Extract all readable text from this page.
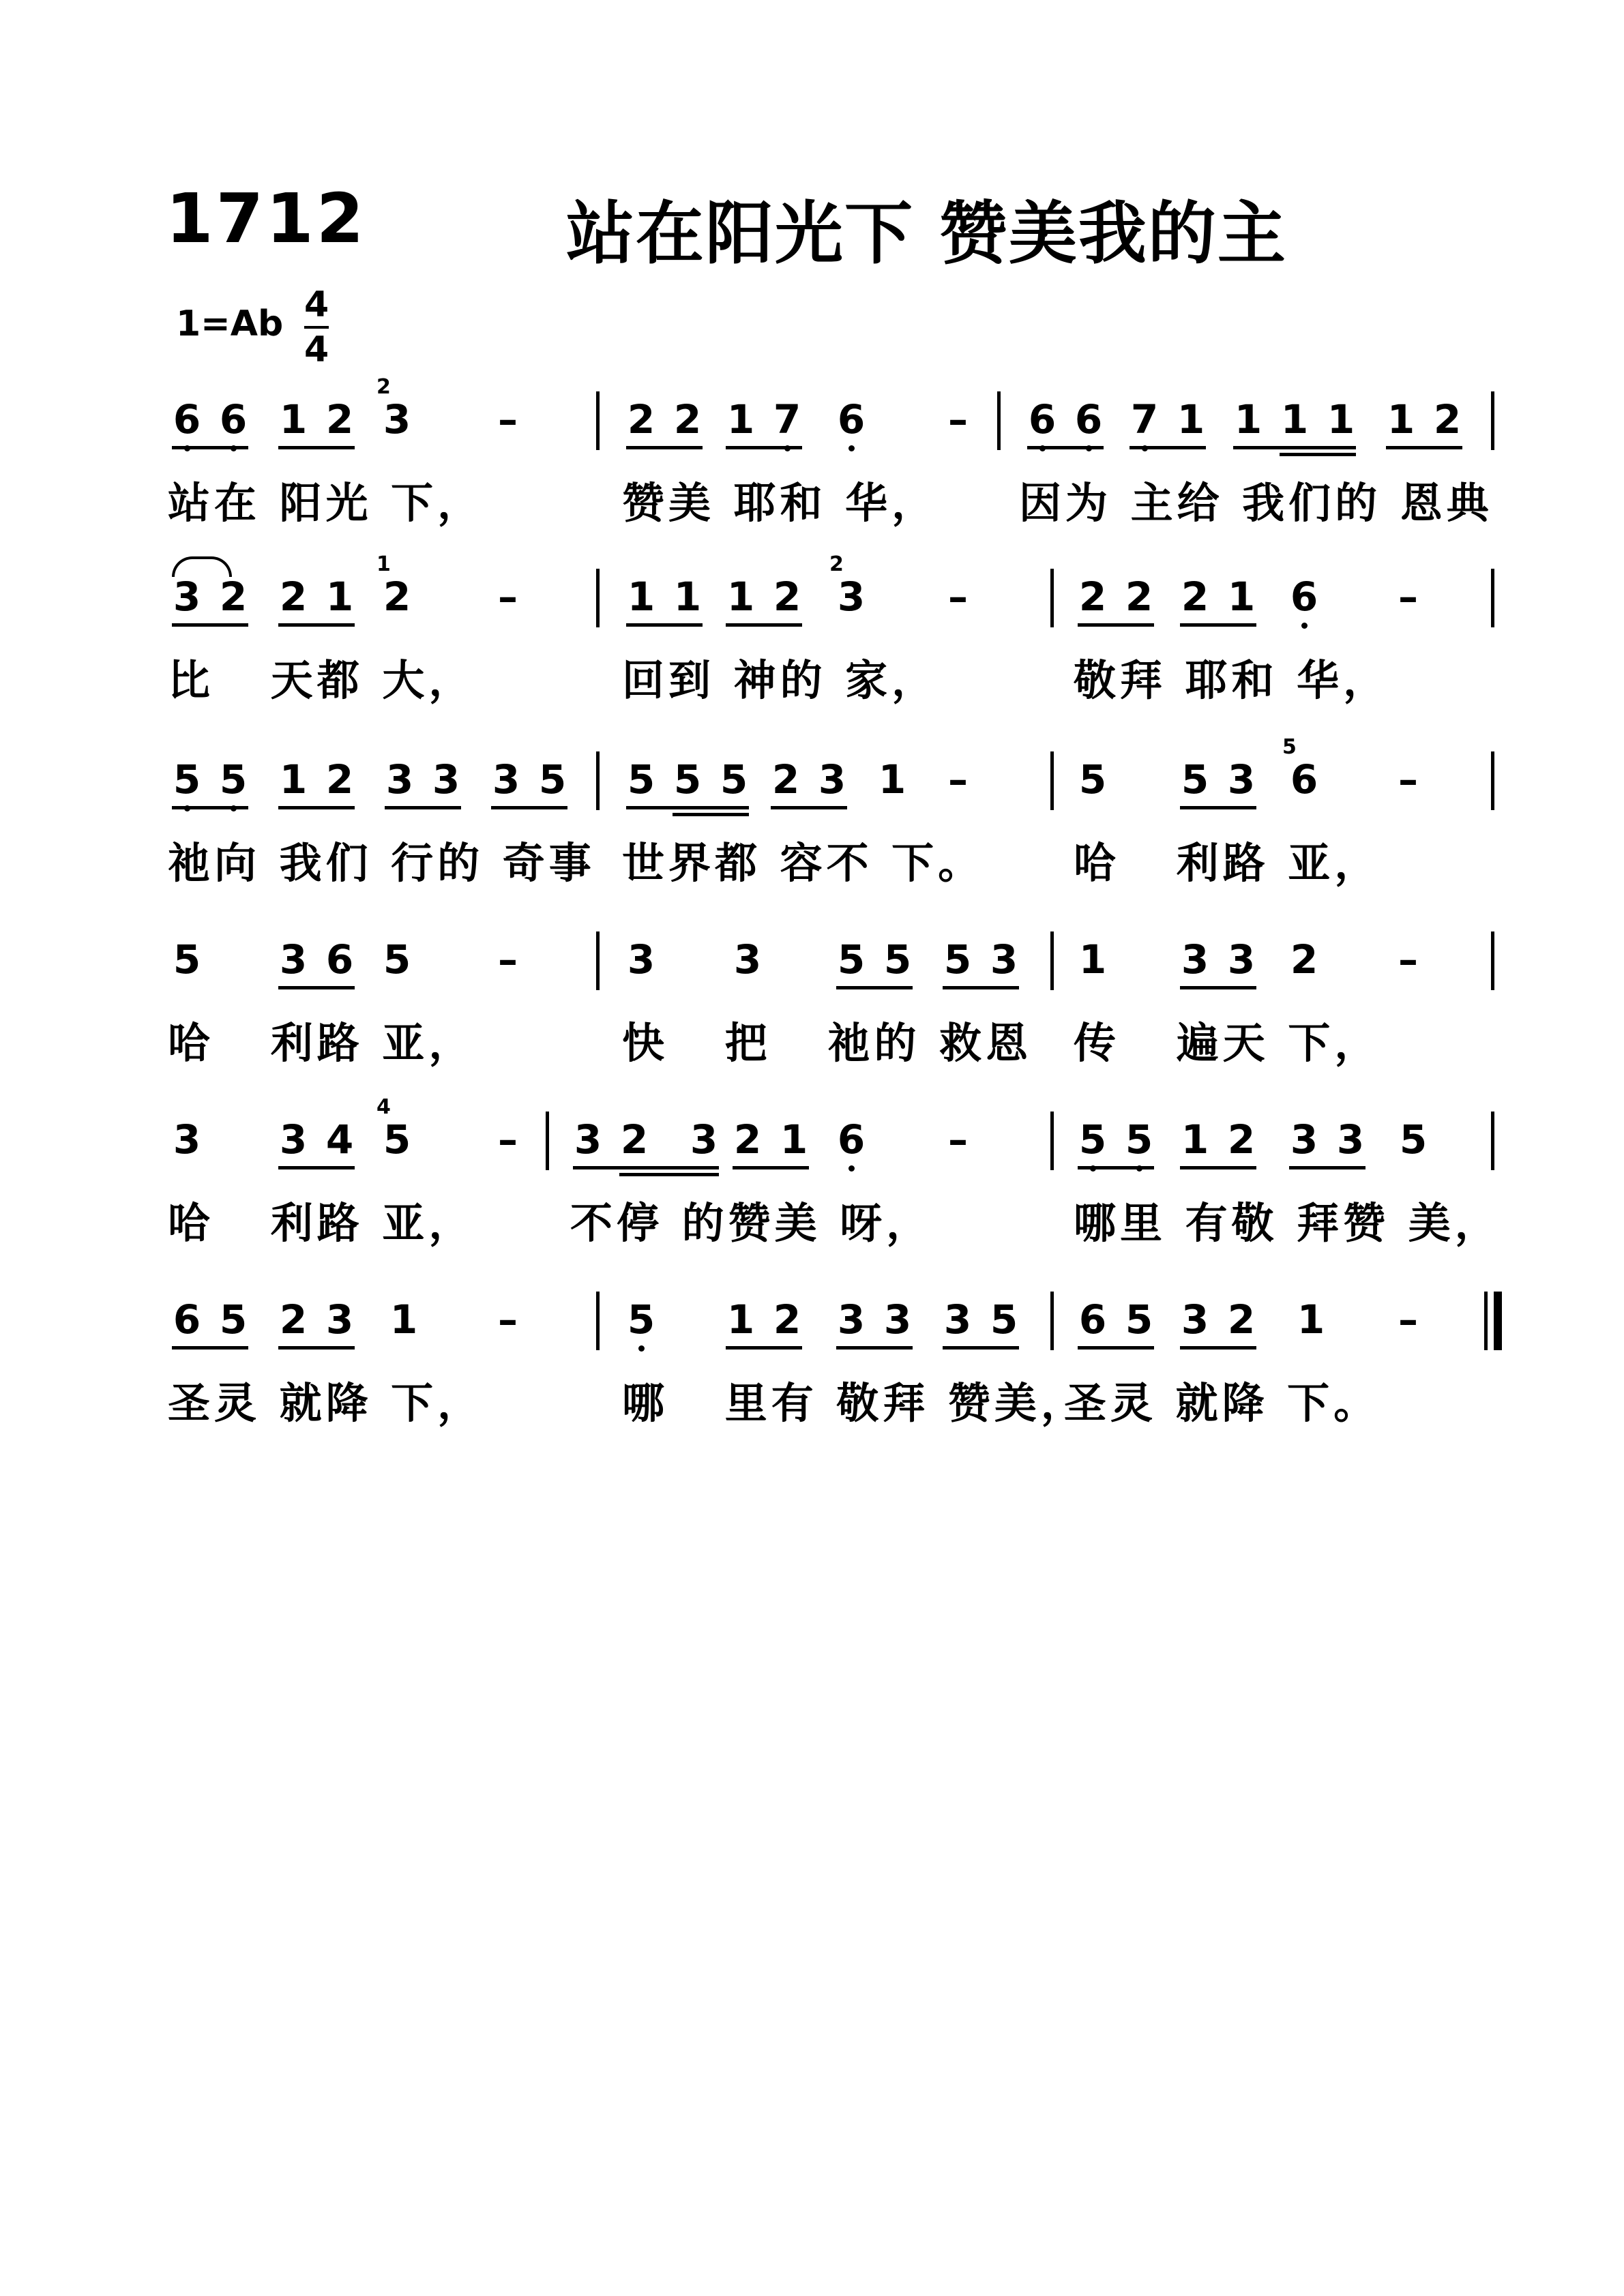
1712	站在阳光下 赞美我的主
1=Ab 4
4
6 6 1 2
2
3 –	2 2 1 7 6 – 6 6 7 1 1 1 1 1 2
站在 阳光 下，	赞美 耶和 华， 因为 主给 我们的 恩典
3 2 2 1
1
2 –	1 1 1 2
2
3 –	2 2 2 1 6 –
比   天都 大，	回到 神的 家，	敬拜 耶和 华，
5 5 1 2 3 3 3 5 5 5 5 2 3 1 –	5 5 3
5
6 –
祂向 我们 行的 奇事 世界都 容不 下。 哈   利路 亚，
5 3 6 5 –	3 3 5 5 5 3 1 3 3 2 –
哈   利路 亚，	快   把   祂的 救恩 传   遍天 下，
3 3 4
4
5 – 3 2 3 2 1 6 –	5 5 1 2 3 3 5
哈   利路 亚， 不停 的赞美 呀，	哪里 有敬 拜赞 美，
6 5 2 3 1 –	5 1 2 3 3 3 5 6 5 3 2 1 –
圣灵 就降 下，	哪   里有 敬拜 赞美，
圣灵 就降 下。
